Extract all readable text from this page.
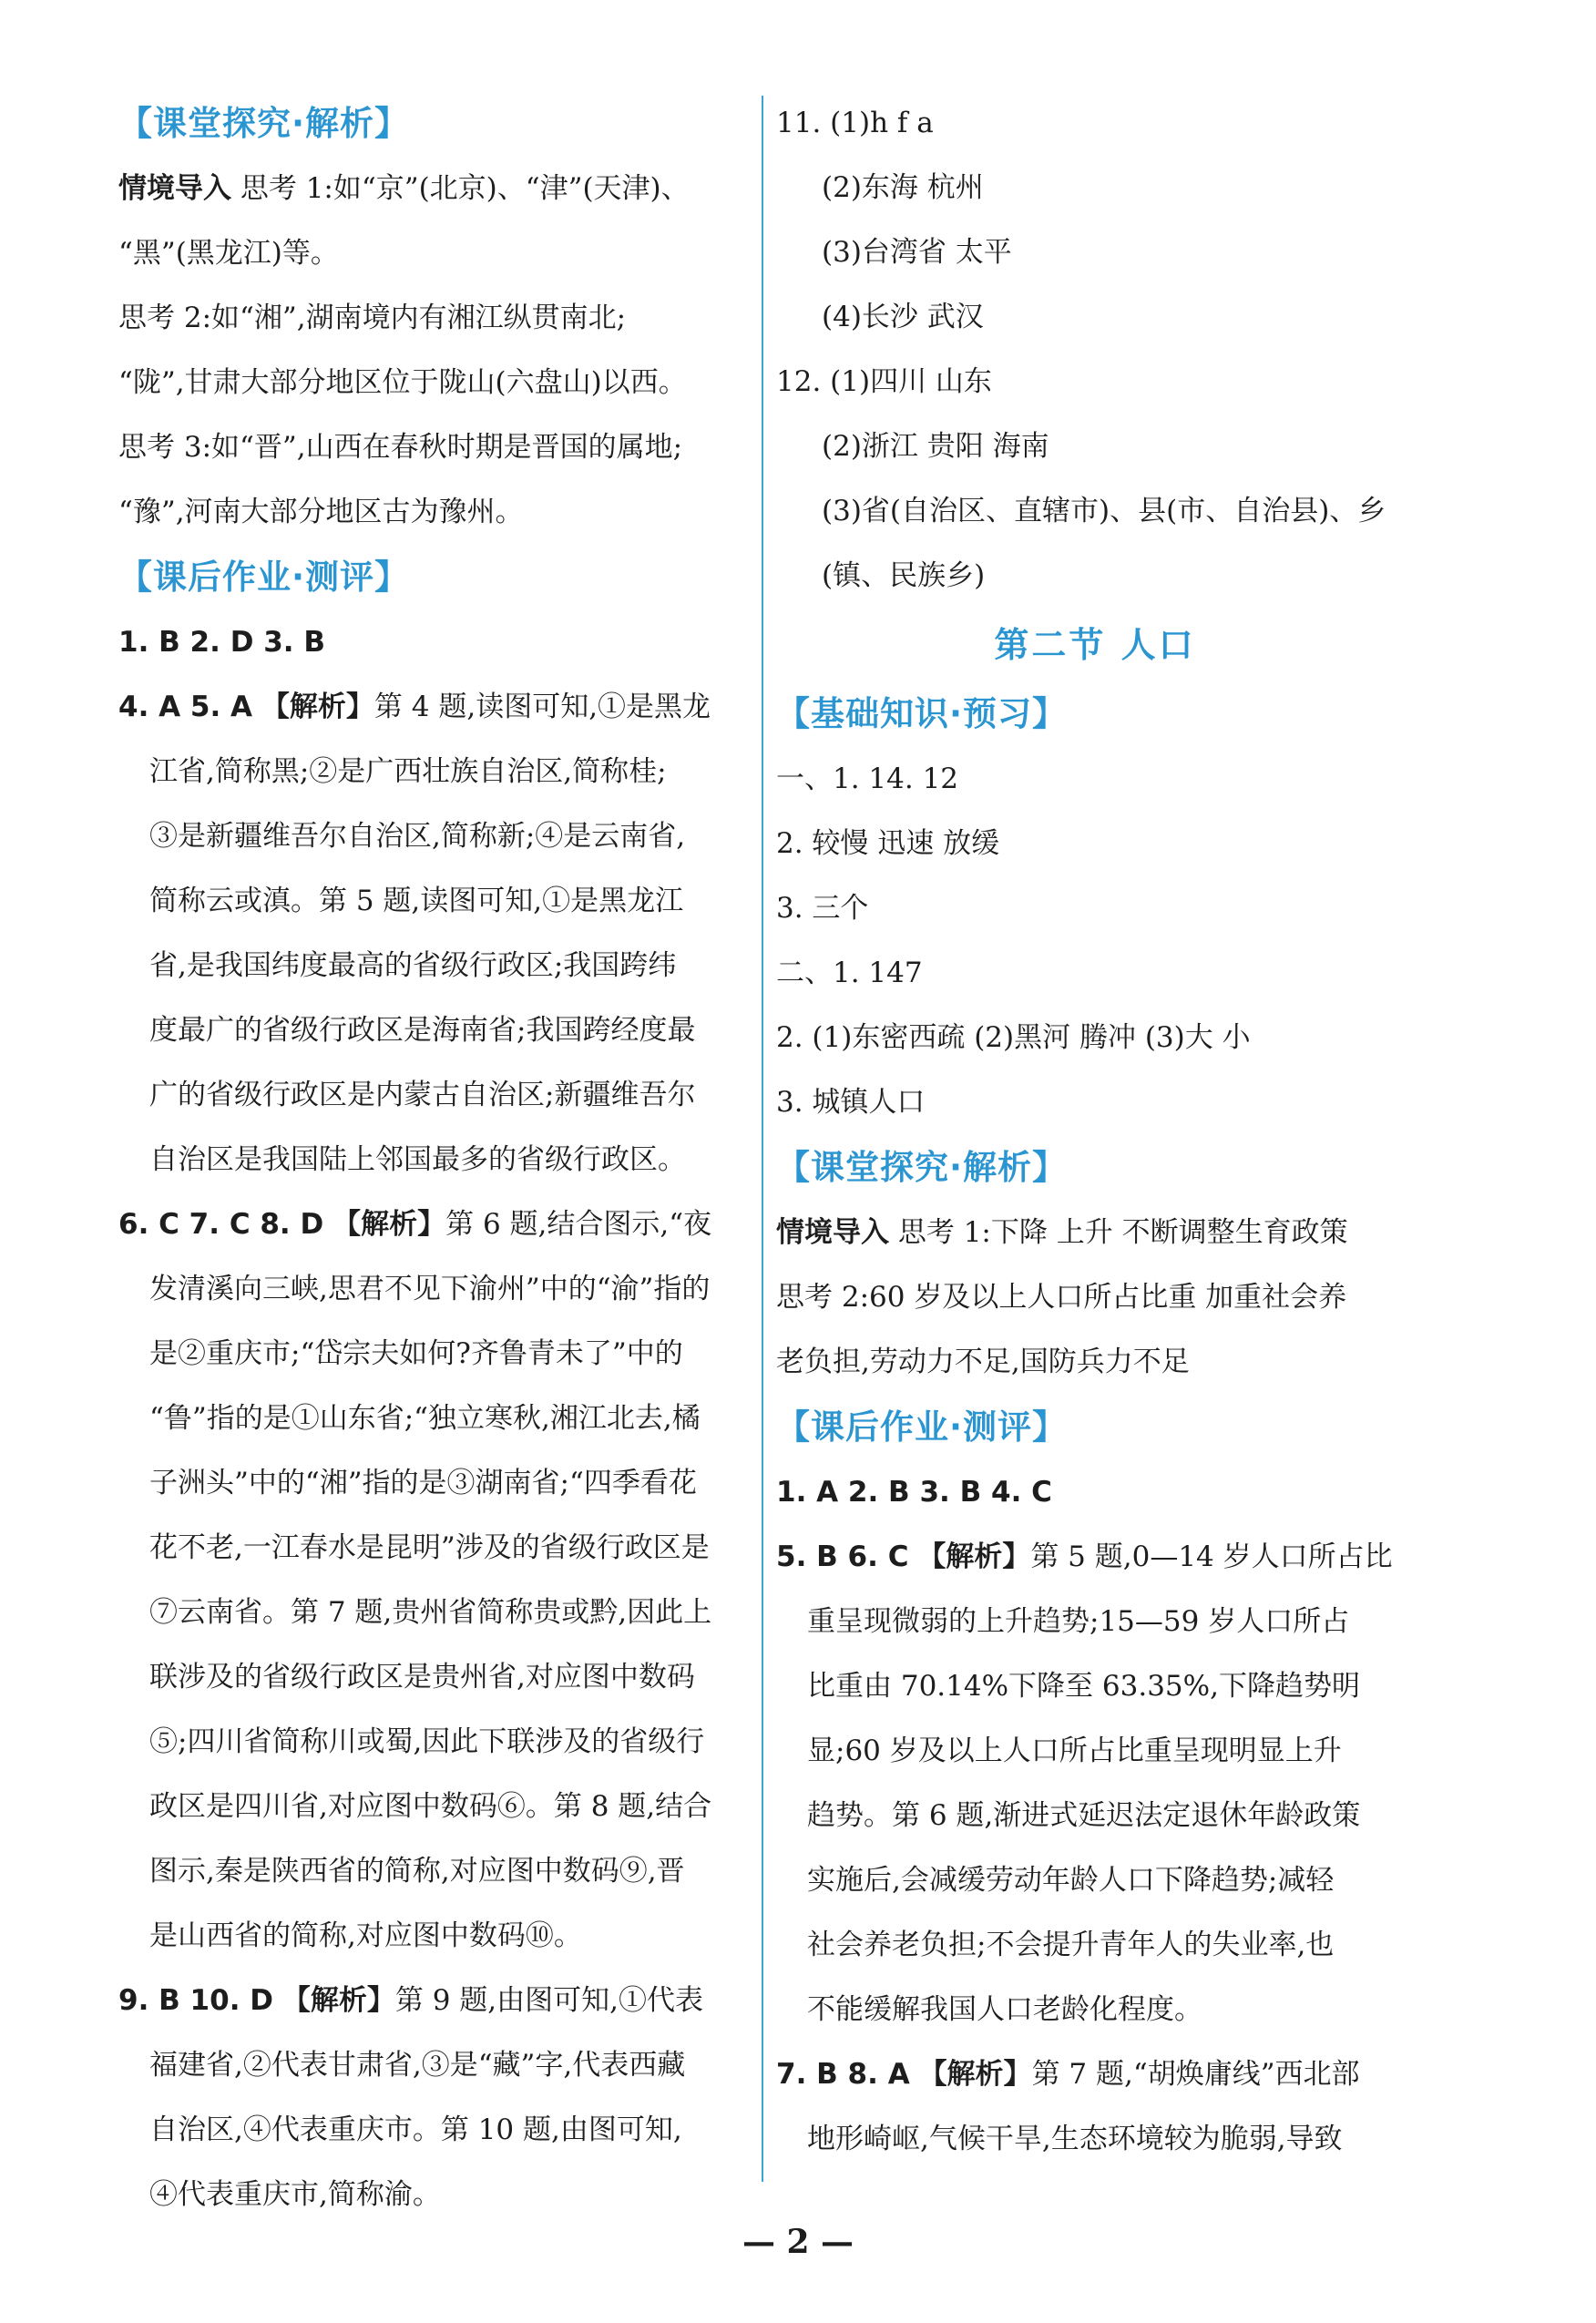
【课堂探究·解析】

情境导入 思考 1:如“京”(北京)、“津”(天津)、

“黑”(黑龙江)等。

思考 2:如“湘”,湖南境内有湘江纵贯南北;

“陇”,甘肃大部分地区位于陇山(六盘山)以西。

思考 3:如“晋”,山西在春秋时期是晋国的属地;

“豫”,河南大部分地区古为豫州。

【课后作业·测评】

1. B 2. D 3. B

4. A 5. A 【解析】第 4 题,读图可知,①是黑龙

江省,简称黑;②是广西壮族自治区,简称桂;

③是新疆维吾尔自治区,简称新;④是云南省,

简称云或滇。第 5 题,读图可知,①是黑龙江

省,是我国纬度最高的省级行政区;我国跨纬

度最广的省级行政区是海南省;我国跨经度最

广的省级行政区是内蒙古自治区;新疆维吾尔

自治区是我国陆上邻国最多的省级行政区。

6. C 7. C 8. D 【解析】第 6 题,结合图示,“夜

发清溪向三峡,思君不见下渝州”中的“渝”指的

是②重庆市;“岱宗夫如何?齐鲁青未了”中的

“鲁”指的是①山东省;“独立寒秋,湘江北去,橘

子洲头”中的“湘”指的是③湖南省;“四季看花

花不老,一江春水是昆明”涉及的省级行政区是

⑦云南省。第 7 题,贵州省简称贵或黔,因此上

联涉及的省级行政区是贵州省,对应图中数码

⑤;四川省简称川或蜀,因此下联涉及的省级行

政区是四川省,对应图中数码⑥。第 8 题,结合

图示,秦是陕西省的简称,对应图中数码⑨,晋

是山西省的简称,对应图中数码⑩。

9. B 10. D 【解析】第 9 题,由图可知,①代表

福建省,②代表甘肃省,③是“藏”字,代表西藏

自治区,④代表重庆市。第 10 题,由图可知,

④代表重庆市,简称渝。

11. (1)h f a

(2)东海 杭州

(3)台湾省 太平

(4)长沙 武汉

12. (1)四川 山东

(2)浙江 贵阳 海南

(3)省(自治区、直辖市)、县(市、自治县)、乡

(镇、民族乡)

第二节 人口
【基础知识·预习】

一、1. 14. 12

2. 较慢 迅速 放缓

3. 三个

二、1. 147

2. (1)东密西疏 (2)黑河 腾冲 (3)大 小

3. 城镇人口

【课堂探究·解析】

情境导入 思考 1:下降 上升 不断调整生育政策

思考 2:60 岁及以上人口所占比重 加重社会养

老负担,劳动力不足,国防兵力不足

【课后作业·测评】

1. A 2. B 3. B 4. C

5. B 6. C 【解析】第 5 题,0—14 岁人口所占比

重呈现微弱的上升趋势;15—59 岁人口所占

比重由 70.14%下降至 63.35%,下降趋势明

显;60 岁及以上人口所占比重呈现明显上升

趋势。第 6 题,渐进式延迟法定退休年龄政策

实施后,会减缓劳动年龄人口下降趋势;减轻

社会养老负担;不会提升青年人的失业率,也

不能缓解我国人口老龄化程度。

7. B 8. A 【解析】第 7 题,“胡焕庸线”西北部

地形崎岖,气候干旱,生态环境较为脆弱,导致

— 2 —
